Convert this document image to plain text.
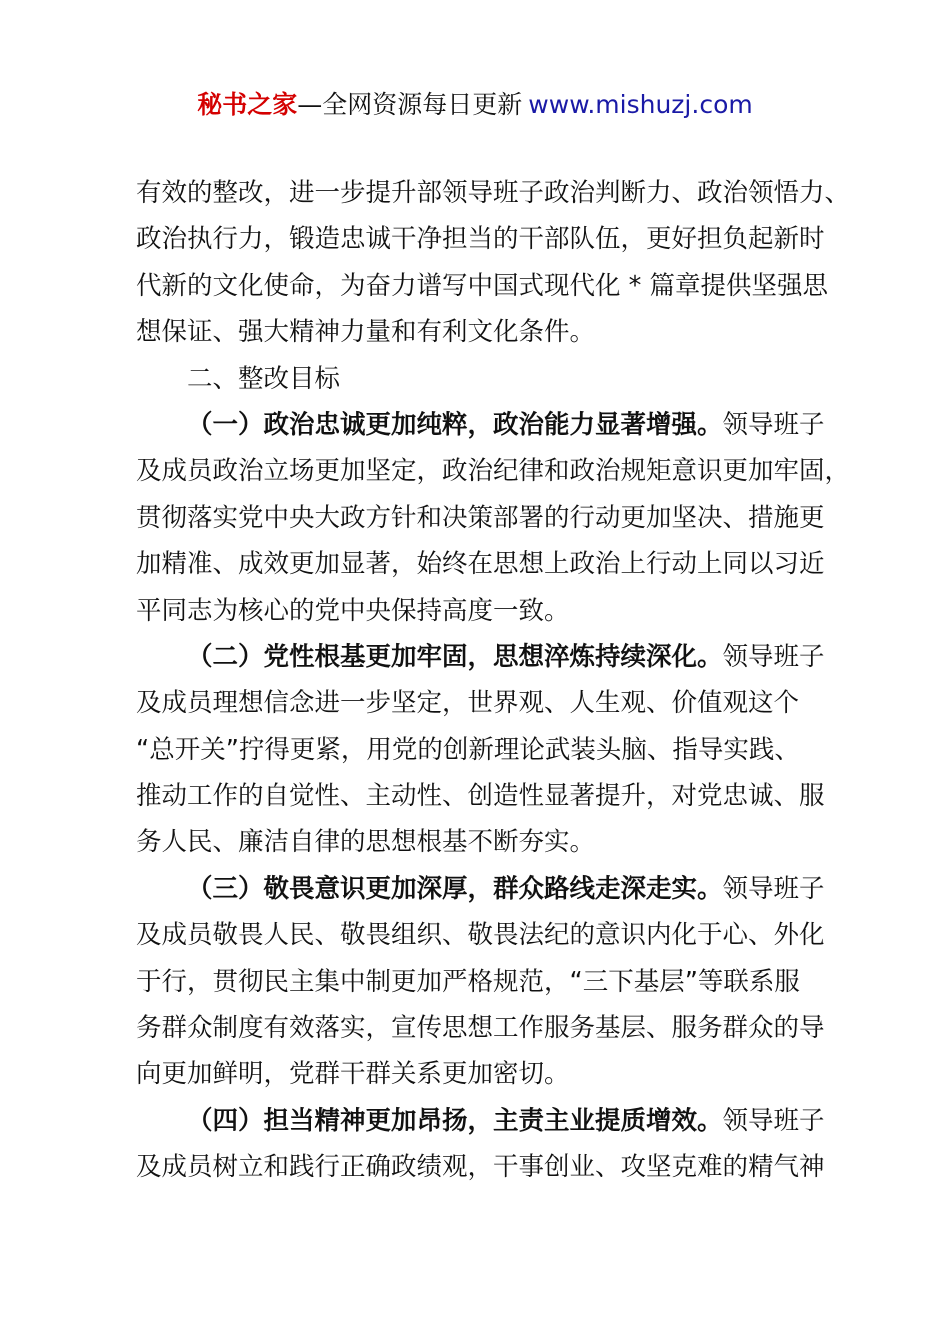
秘书之家—全网资源每日更新 www.mishuzj.com
有效的整改，进一步提升部领导班子政治判断力、政治领悟力、
政治执行力，锻造忠诚干净担当的干部队伍，更好担负起新时
代新的文化使命，为奋力谱写中国式现代化 * 篇章提供坚强思
想保证、强大精神力量和有利文化条件。
二、整改目标
（一）政治忠诚更加纯粹，政治能力显著增强。领导班子
及成员政治立场更加坚定，政治纪律和政治规矩意识更加牢固，
贯彻落实党中央大政方针和决策部署的行动更加坚决、措施更
加精准、成效更加显著，始终在思想上政治上行动上同以习近
平同志为核心的党中央保持高度一致。
（二）党性根基更加牢固，思想淬炼持续深化。领导班子
及成员理想信念进一步坚定，世界观、人生观、价值观这个
“总开关”拧得更紧，用党的创新理论武装头脑、指导实践、
推动工作的自觉性、主动性、创造性显著提升，对党忠诚、服
务人民、廉洁自律的思想根基不断夯实。
（三）敬畏意识更加深厚，群众路线走深走实。领导班子
及成员敬畏人民、敬畏组织、敬畏法纪的意识内化于心、外化
于行，贯彻民主集中制更加严格规范，“三下基层”等联系服
务群众制度有效落实，宣传思想工作服务基层、服务群众的导
向更加鲜明，党群干群关系更加密切。
（四）担当精神更加昂扬，主责主业提质增效。领导班子
及成员树立和践行正确政绩观，干事创业、攻坚克难的精气神
